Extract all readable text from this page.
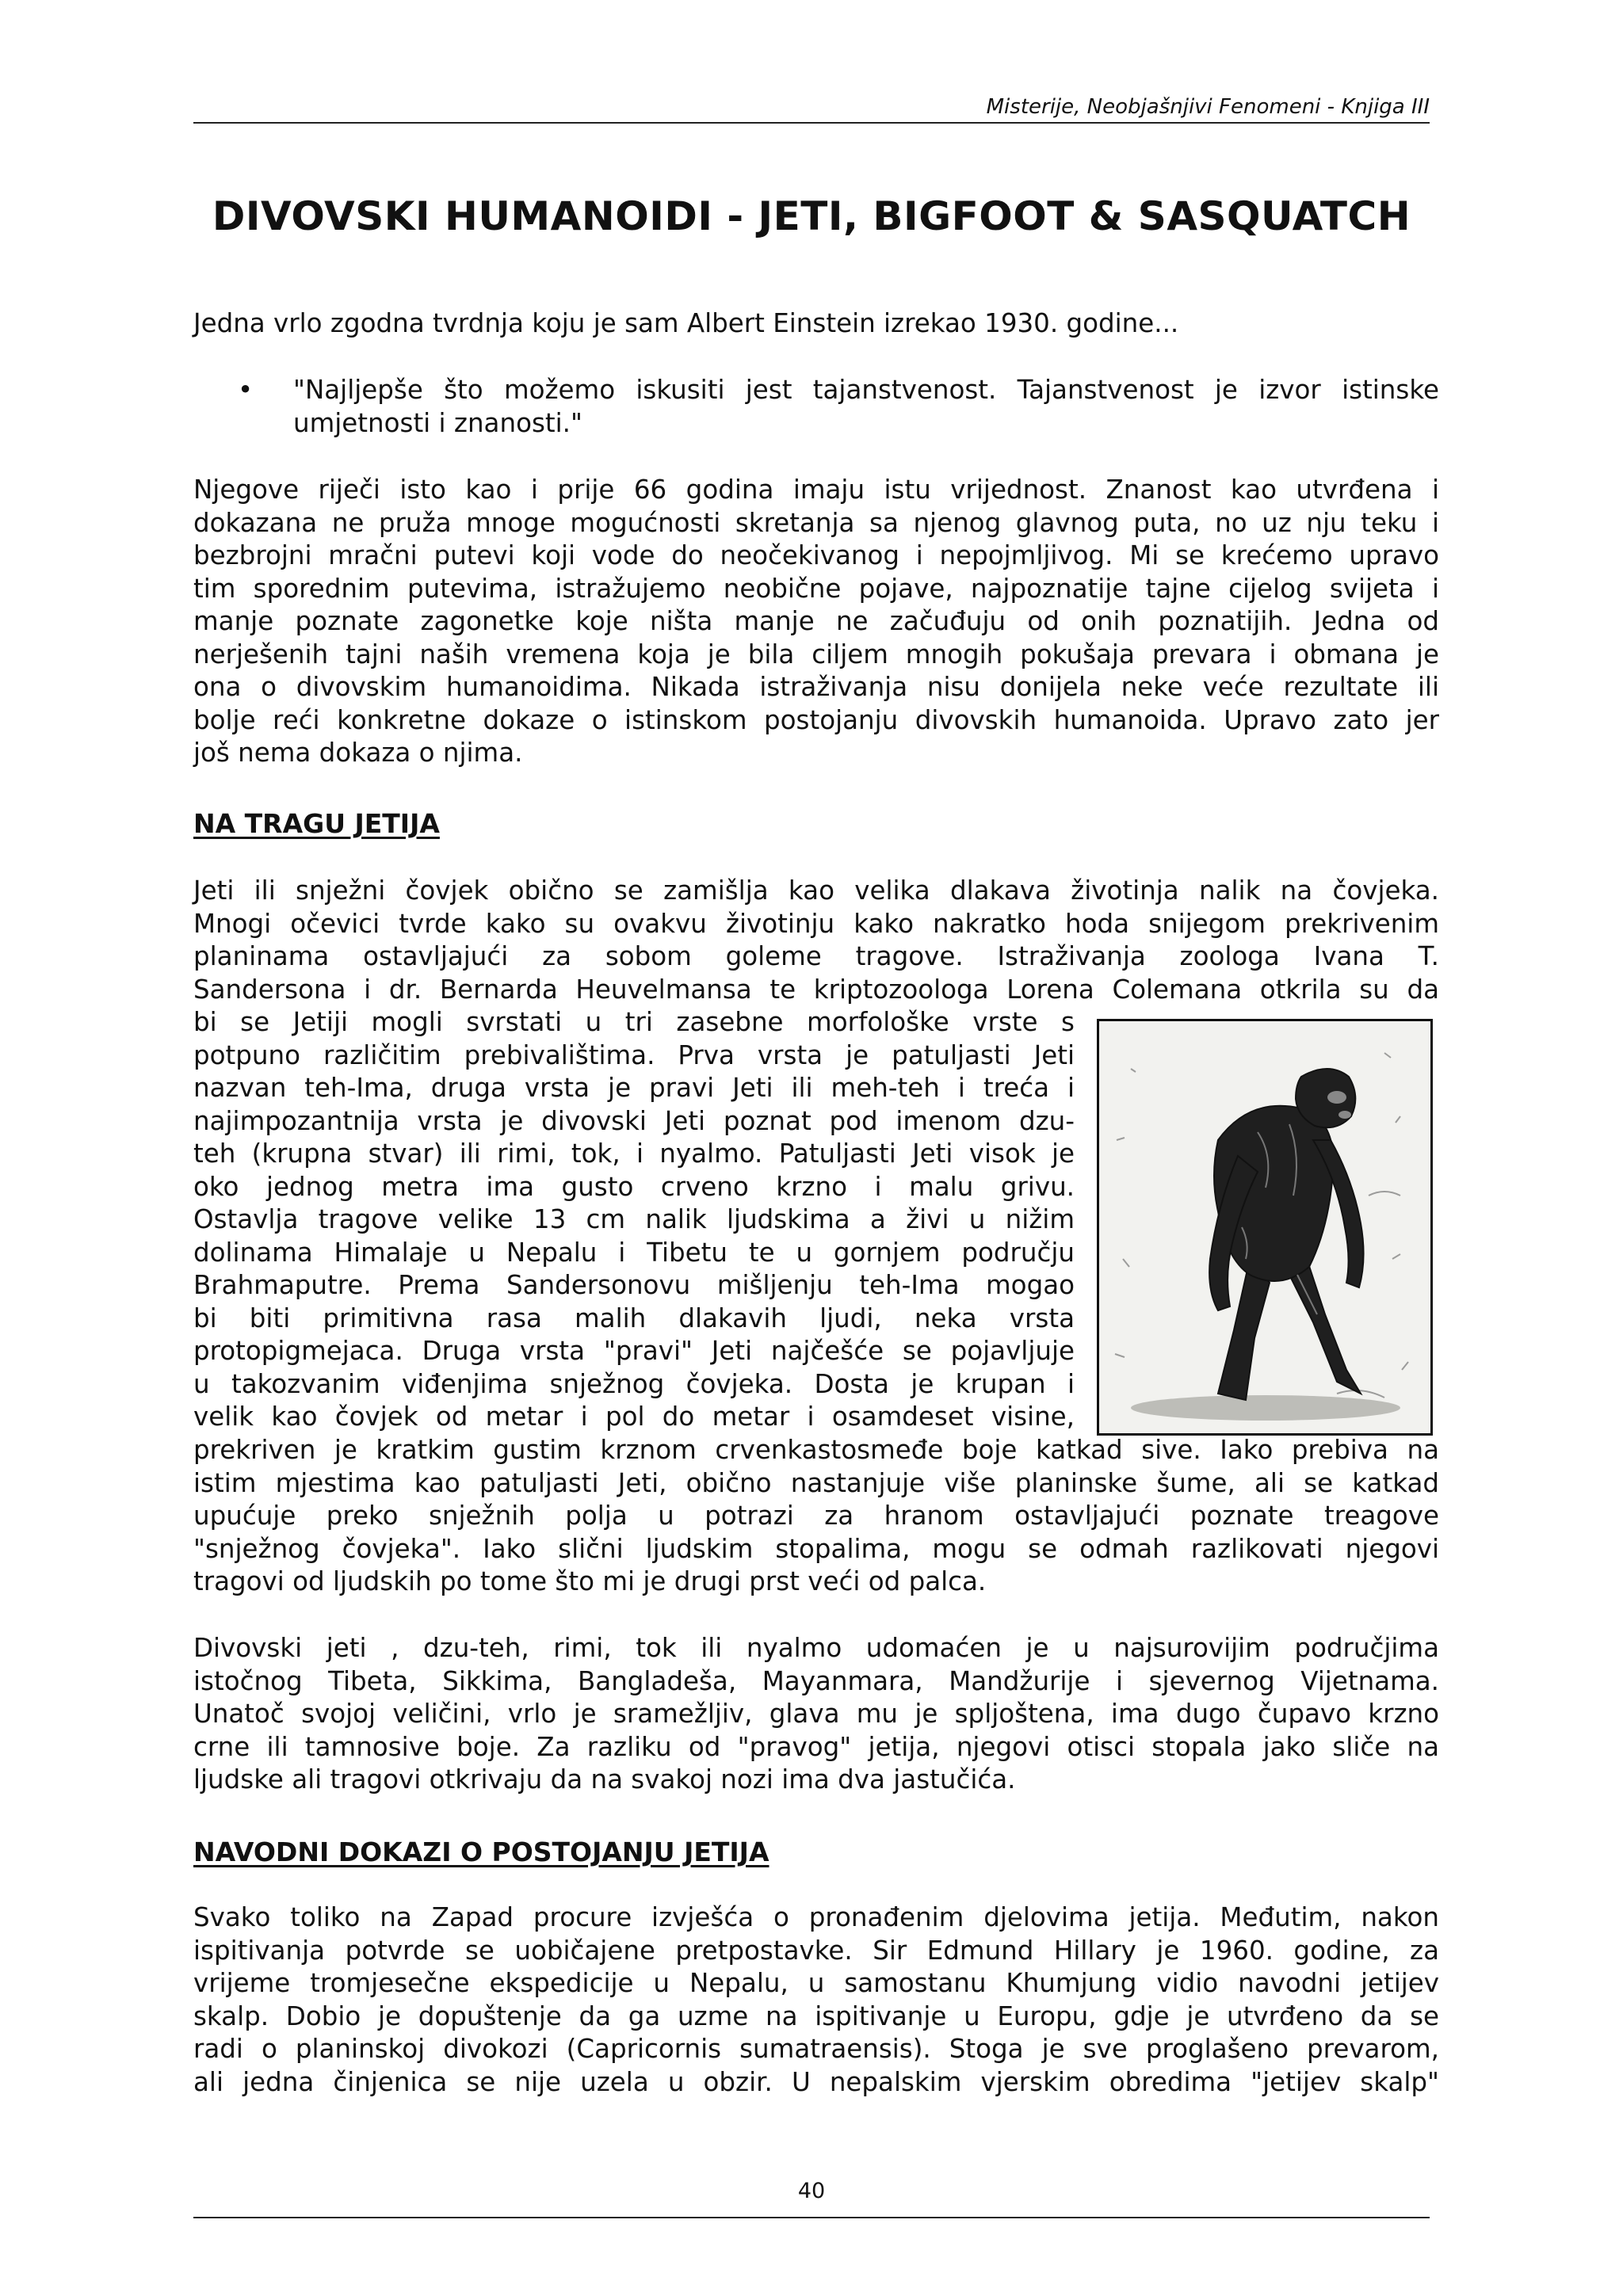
Misterije, Neobjašnjivi Fenomeni - Knjiga III
DIVOVSKI HUMANOIDI - JETI, BIGFOOT & SASQUATCH

Jedna vrlo zgodna tvrdnja koju je sam Albert Einstein izrekao 1930. godine...

• "Najljepše što možemo iskusiti jest tajanstvenost. Tajanstvenost je izvor istinske
umjetnosti i znanosti."
Njegove riječi isto kao i prije 66 godina imaju istu vrijednost. Znanost kao utvrđena i
dokazana ne pruža mnoge mogućnosti skretanja sa njenog glavnog puta, no uz nju teku i
bezbrojni mračni putevi koji vode do neočekivanog i nepojmljivog. Mi se krećemo upravo
tim sporednim putevima, istražujemo neobične pojave, najpoznatije tajne cijelog svijeta i
manje poznate zagonetke koje ništa manje ne začuđuju od onih poznatijih. Jedna od
nerješenih tajni naših vremena koja je bila ciljem mnogih pokušaja prevara i obmana je
ona o divovskim humanoidima. Nikada istraživanja nisu donijela neke veće rezultate ili
bolje reći konkretne dokaze o istinskom postojanju divovskih humanoida. Upravo zato jer
još nema dokaza o njima.
NA TRAGU JETIJA
Jeti ili snježni čovjek obično se zamišlja kao velika dlakava životinja nalik na čovjeka.
Mnogi očevici tvrde kako su ovakvu životinju kako nakratko hoda snijegom prekrivenim
planinama ostavljajući za sobom goleme tragove. Istraživanja zoologa Ivana T.
Sandersona i dr. Bernarda Heuvelmansa te kriptozoologa Lorena Colemana otkrila su da
bi se Jetiji mogli svrstati u tri zasebne morfološke vrste s
potpuno različitim prebivalištima. Prva vrsta je patuljasti Jeti
nazvan teh-Ima, druga vrsta je pravi Jeti ili meh-teh i treća i
najimpozantnija vrsta je divovski Jeti poznat pod imenom dzu-
teh (krupna stvar) ili rimi, tok, i nyalmo. Patuljasti Jeti visok je
oko jednog metra ima gusto crveno krzno i malu grivu.
Ostavlja tragove velike 13 cm nalik ljudskima a živi u nižim
dolinama Himalaje u Nepalu i Tibetu te u gornjem području
Brahmaputre. Prema Sandersonovu mišljenju teh-Ima mogao
bi biti primitivna rasa malih dlakavih ljudi, neka vrsta
protopigmejaca. Druga vrsta "pravi" Jeti najčešće se pojavljuje
u takozvanim viđenjima snježnog čovjeka. Dosta je krupan i
velik kao čovjek od metar i pol do metar i osamdeset visine,
prekriven je kratkim gustim krznom crvenkastosmeđe boje katkad sive. Iako prebiva na
istim mjestima kao patuljasti Jeti, obično nastanjuje više planinske šume, ali se katkad
upućuje preko snježnih polja u potrazi za hranom ostavljajući poznate treagove
"snježnog čovjeka". Iako slični ljudskim stopalima, mogu se odmah razlikovati njegovi
tragovi od ljudskih po tome što mi je drugi prst veći od palca.
Divovski jeti , dzu-teh, rimi, tok ili nyalmo udomaćen je u najsurovijim područjima
istočnog Tibeta, Sikkima, Bangladeša, Mayanmara, Mandžurije i sjevernog Vijetnama.
Unatoč svojoj veličini, vrlo je sramežljiv, glava mu je spljoštena, ima dugo čupavo krzno
crne ili tamnosive boje. Za razliku od "pravog" jetija, njegovi otisci stopala jako sliče na
ljudske ali tragovi otkrivaju da na svakoj nozi ima dva jastučića.
NAVODNI DOKAZI O POSTOJANJU JETIJA
Svako toliko na Zapad procure izvješća o pronađenim djelovima jetija. Međutim, nakon
ispitivanja potvrde se uobičajene pretpostavke. Sir Edmund Hillary je 1960. godine, za
vrijeme tromjesečne ekspedicije u Nepalu, u samostanu Khumjung vidio navodni jetijev
skalp. Dobio je dopuštenje da ga uzme na ispitivanje u Europu, gdje je utvrđeno da se
radi o planinskoj divokozi (Capricornis sumatraensis). Stoga je sve proglašeno prevarom,
ali jedna činjenica se nije uzela u obzir. U nepalskim vjerskim obredima "jetijev skalp"
40
